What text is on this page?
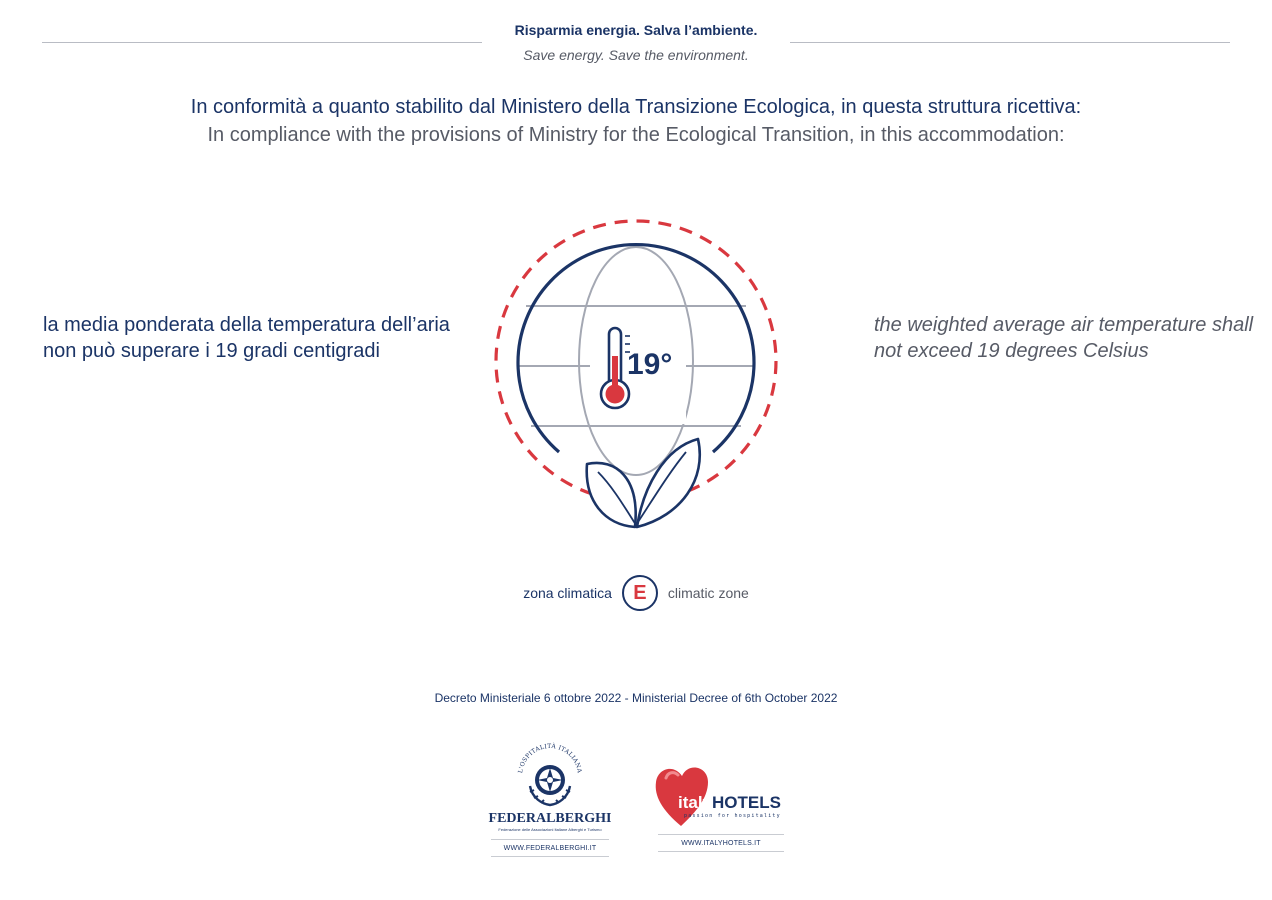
Risparmia energia. Salva l’ambiente.
Save energy. Save the environment.
In conformità a quanto stabilito dal Ministero della Transizione Ecologica, in questa struttura ricettiva:
In compliance with the provisions of Ministry for the Ecological Transition, in this accommodation:
la media ponderata della temperatura dell’aria non può superare i 19 gradi centigradi
the weighted average air temperature shall not exceed 19 degrees Celsius
19°
zona climatica	E	climatic zone
Decreto Ministeriale 6 ottobre 2022 - Ministerial Decree of 6th October 2022
L'OSPITALITÀ ITALIANA
FEDERALBERGHI
Federazione delle Associazioni Italiane Alberghi e Turismo
WWW.FEDERALBERGHI.IT
italyHOTELS
passion for hospitality
WWW.ITALYHOTELS.IT
